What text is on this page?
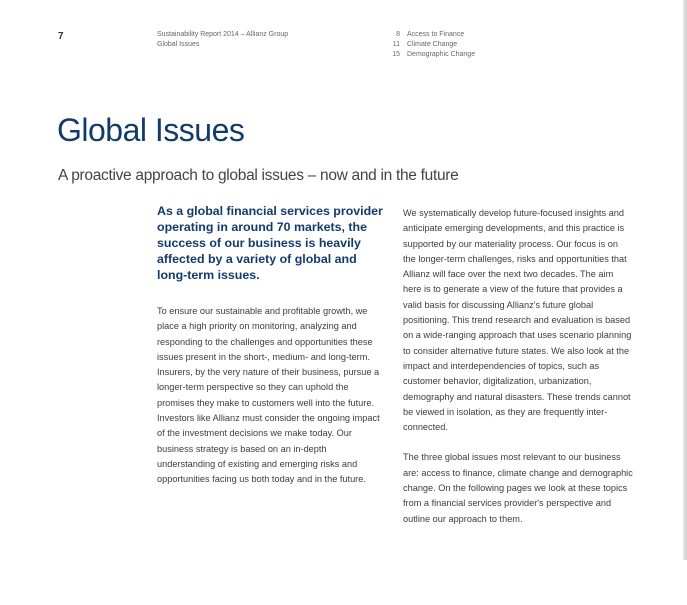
7	Sustainability Report 2014 – Allianz Group
Global Issues
8 Access to Finance
11 Climate Change
15 Demographic Change
Global Issues
A proactive approach to global issues – now and in the future

As a global financial services provider operating in around 70 markets, the success of our business is heavily affected by a variety of global and long-term issues.

To ensure our sustainable and profitable growth, we place a high priority on monitoring, analyzing and responding to the challenges and opportunities these issues present in the short-, medium- and long-term. Insurers, by the very nature of their business, pursue a longer-term perspective so they can uphold the promises they make to customers well into the future. Investors like Allianz must consider the ongoing impact of the investment decisions we make today. Our business strategy is based on an in-depth understanding of existing and emerging risks and opportunities facing us both today and in the future.

We systematically develop future-focused insights and anticipate emerging developments, and this practice is supported by our materiality process. Our focus is on the longer-term challenges, risks and opportunities that Allianz will face over the next two decades. The aim here is to generate a view of the future that provides a valid basis for discussing Allianz's future global positioning. This trend research and evaluation is based on a wide-ranging approach that uses scenario planning to consider alternative future states. We also look at the impact and interdependencies of topics, such as customer behavior, digitalization, urbanization, demography and natural disasters. These trends cannot be viewed in isolation, as they are frequently inter-connected.

The three global issues most relevant to our business are: access to finance, climate change and demographic change. On the following pages we look at these topics from a financial services provider's perspective and outline our approach to them.
